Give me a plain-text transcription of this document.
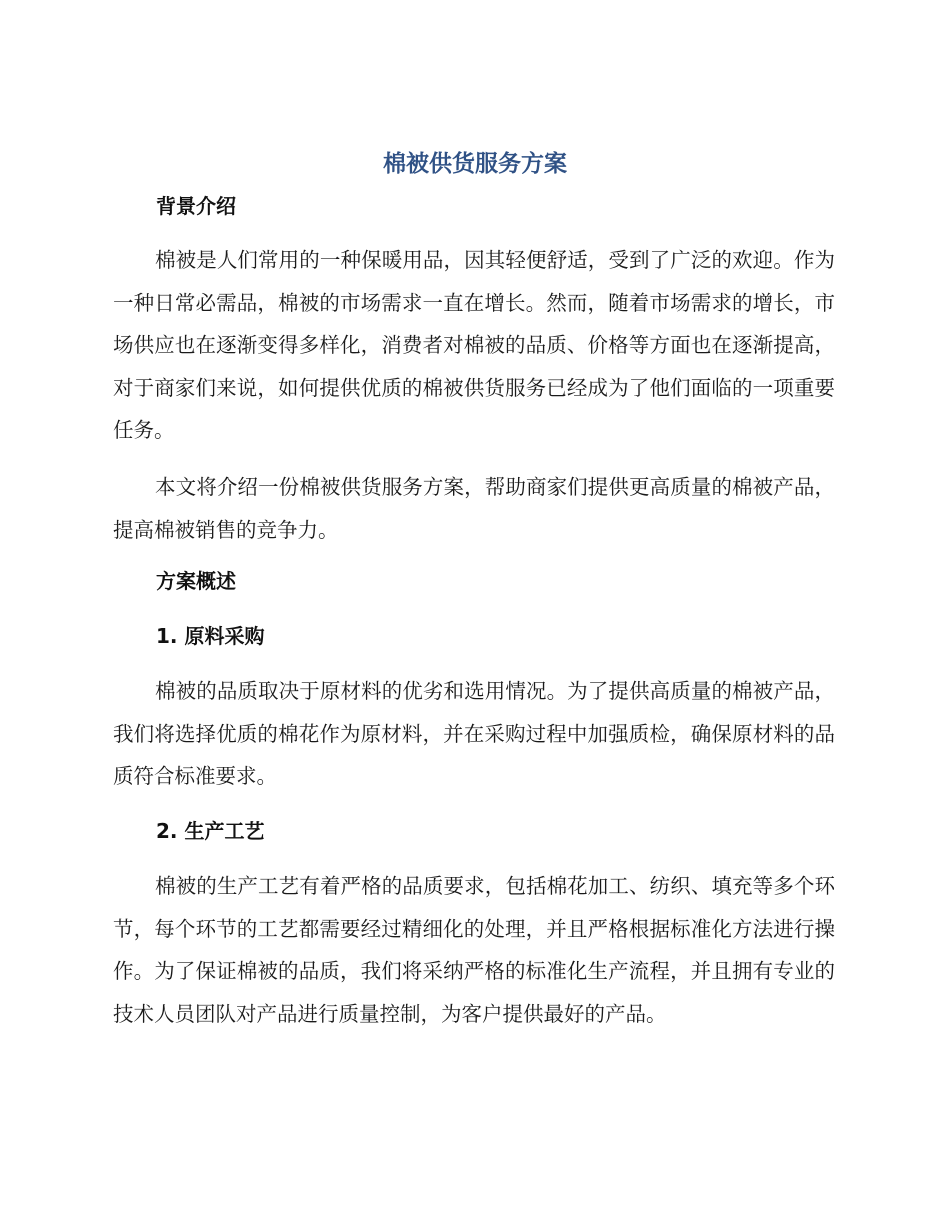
棉被供货服务方案
背景介绍

棉被是人们常用的一种保暖用品，因其轻便舒适，受到了广泛的欢迎。作为一种日常必需品，棉被的市场需求一直在增长。然而，随着市场需求的增长，市场供应也在逐渐变得多样化，消费者对棉被的品质、价格等方面也在逐渐提高，对于商家们来说，如何提供优质的棉被供货服务已经成为了他们面临的一项重要任务。

本文将介绍一份棉被供货服务方案，帮助商家们提供更高质量的棉被产品，提高棉被销售的竞争力。

方案概述
1. 原料采购

棉被的品质取决于原材料的优劣和选用情况。为了提供高质量的棉被产品，我们将选择优质的棉花作为原材料，并在采购过程中加强质检，确保原材料的品质符合标准要求。

2. 生产工艺

棉被的生产工艺有着严格的品质要求，包括棉花加工、纺织、填充等多个环节，每个环节的工艺都需要经过精细化的处理，并且严格根据标准化方法进行操作。为了保证棉被的品质，我们将采纳严格的标准化生产流程，并且拥有专业的技术人员团队对产品进行质量控制，为客户提供最好的产品。
